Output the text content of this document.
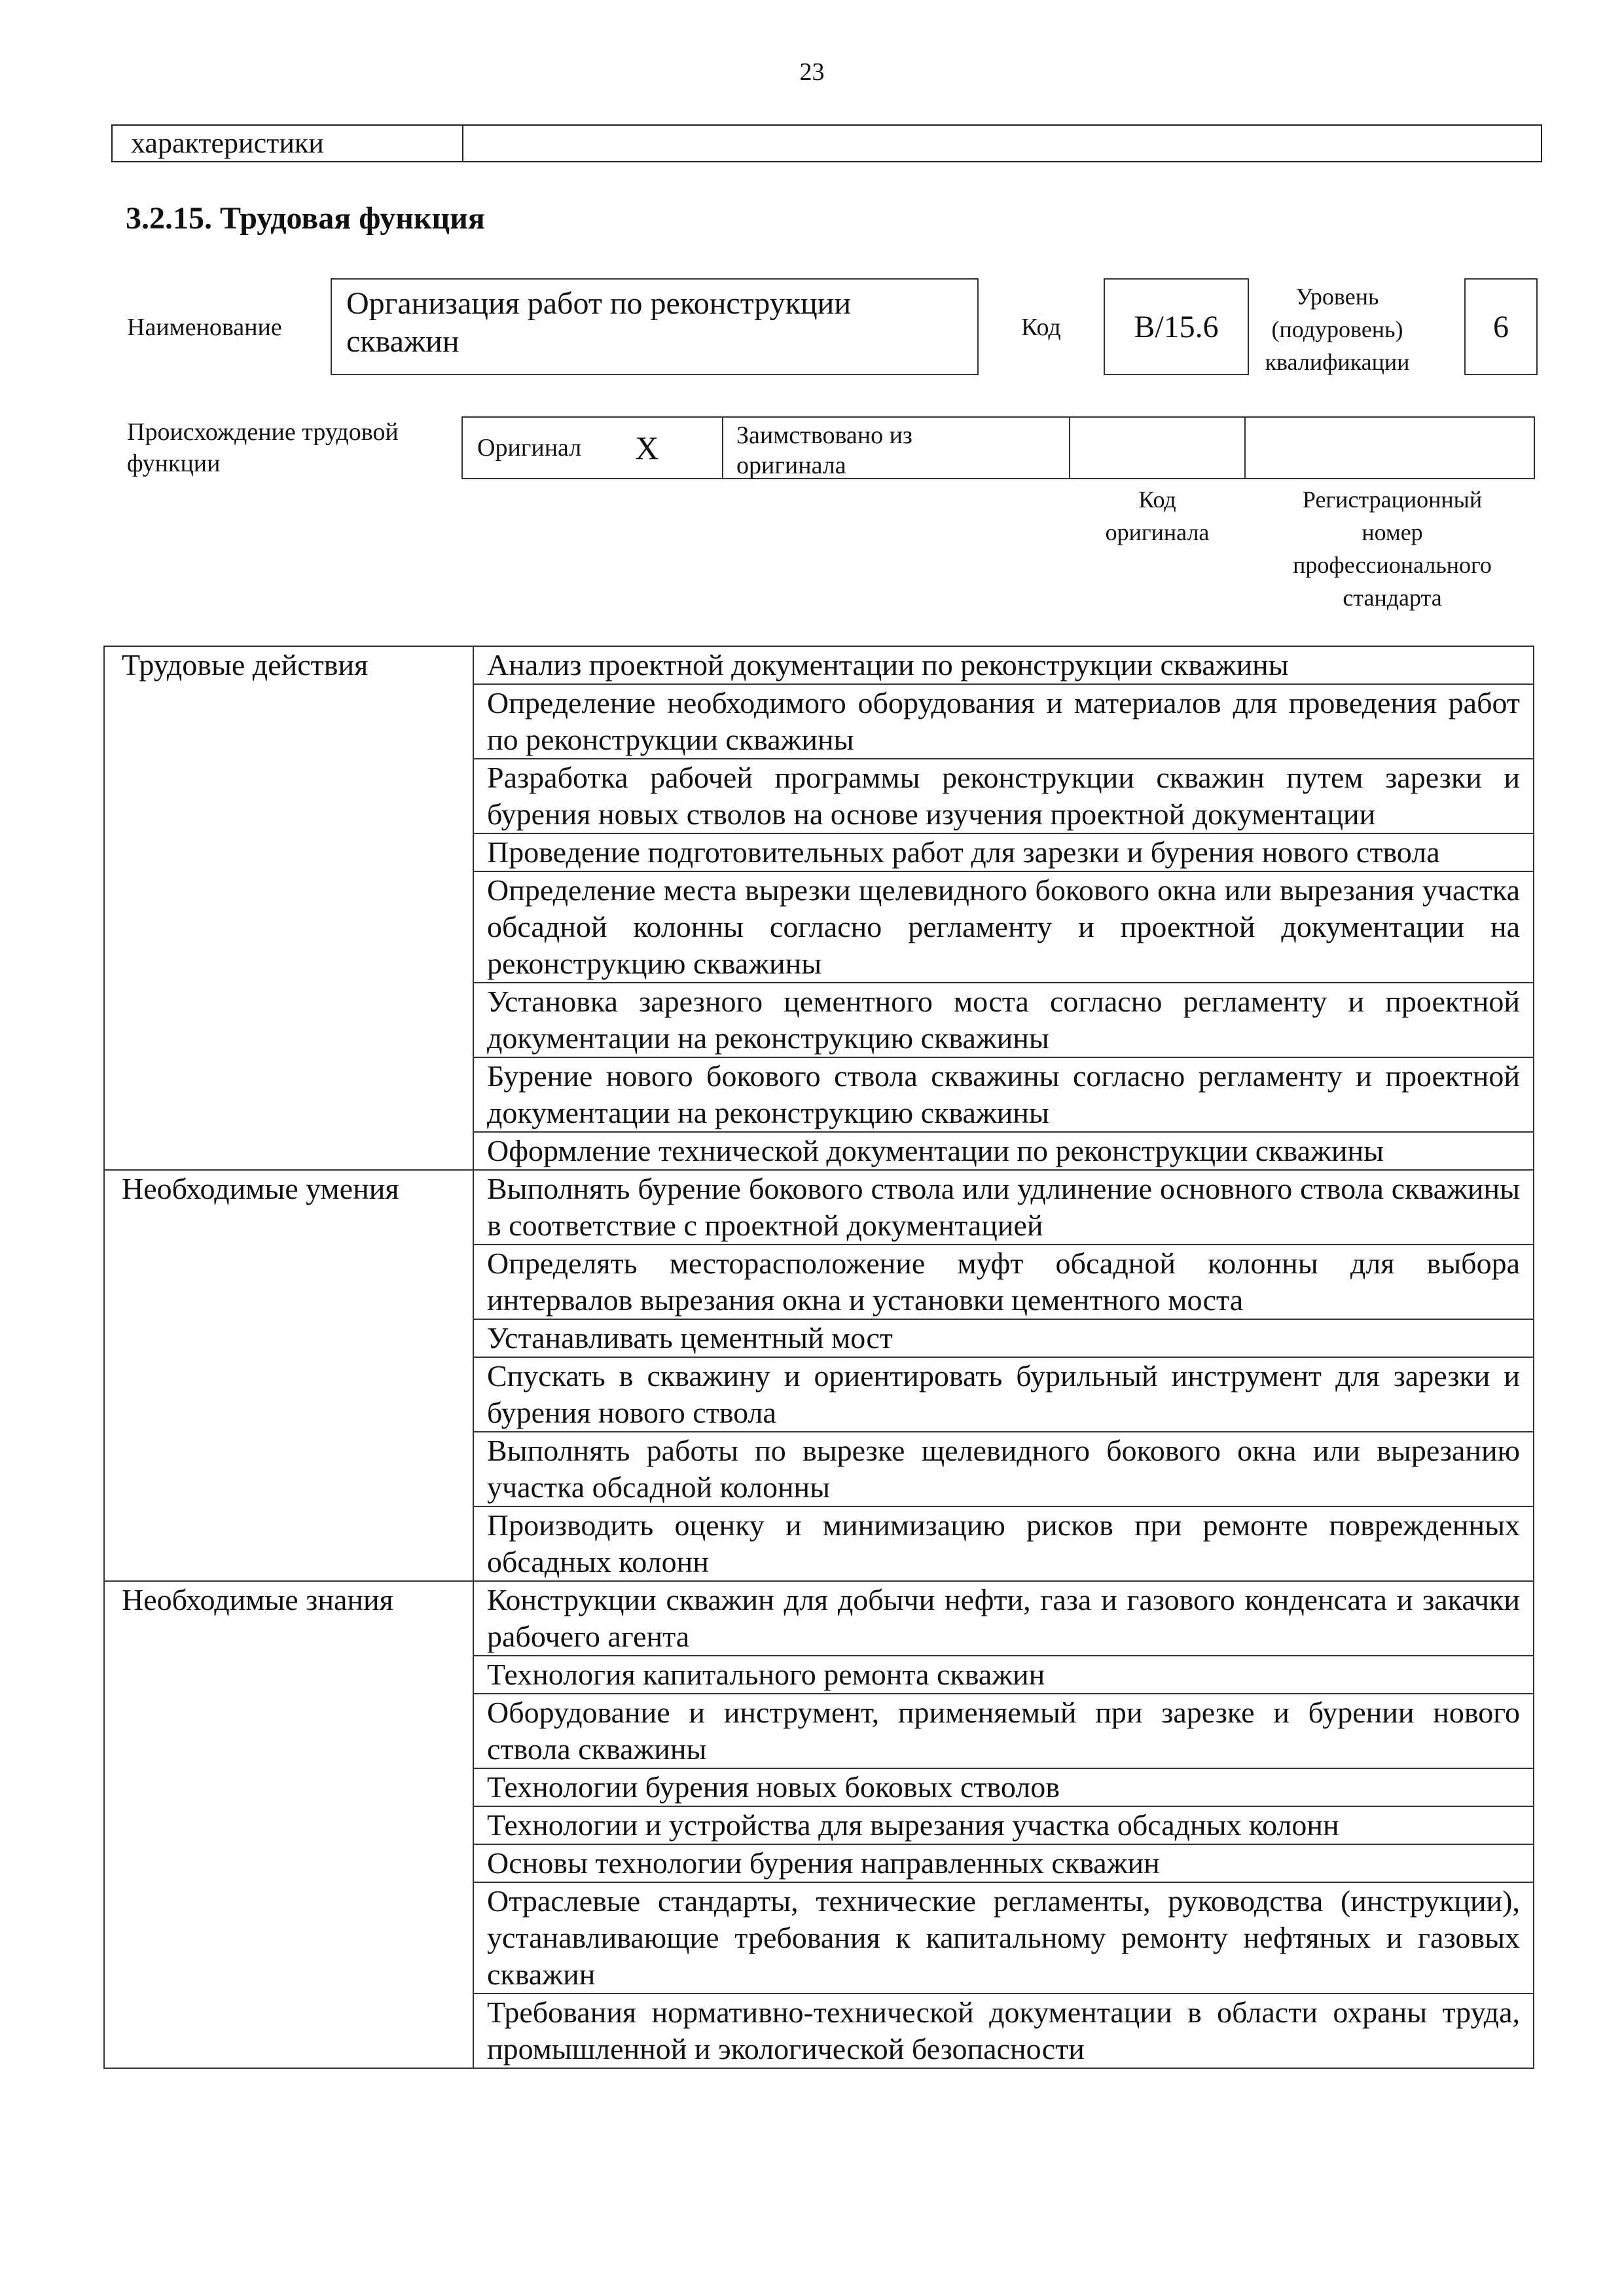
23
характеристики
3.2.15. Трудовая функция
Наименование
Организация работ по реконструкции скважин	Код	B/15.6
Уровень
(подуровень)
квалификации
6
Происхождение трудовой
функции
Оригинал X	Заимствовано из
оригинала
Код
оригинала
Регистрационный
номер
профессионального
стандарта
Трудовые действия	Анализ проектной документации по реконструкции скважины
	Определение необходимого оборудования и материалов для проведения работ по реконструкции скважины
	Разработка рабочей программы реконструкции скважин путем зарезки и бурения новых стволов на основе изучения проектной документации
	Проведение подготовительных работ для зарезки и бурения нового ствола
	Определение места вырезки щелевидного бокового окна или вырезания участка обсадной колонны согласно регламенту и проектной документации на реконструкцию скважины
	Установка зарезного цементного моста согласно регламенту и проектной документации на реконструкцию скважины
	Бурение нового бокового ствола скважины согласно регламенту и проектной документации на реконструкцию скважины
	Оформление технической документации по реконструкции скважины
Необходимые умения	Выполнять бурение бокового ствола или удлинение основного ствола скважины в соответствие с проектной документацией
	Определять месторасположение муфт обсадной колонны для выбора интервалов вырезания окна и установки цементного моста
	Устанавливать цементный мост
	Спускать в скважину и ориентировать бурильный инструмент для зарезки и бурения нового ствола
	Выполнять работы по вырезке щелевидного бокового окна или вырезанию участка обсадной колонны
	Производить оценку и минимизацию рисков при ремонте поврежденных обсадных колонн
Необходимые знания	Конструкции скважин для добычи нефти, газа и газового конденсата и закачки рабочего агента
	Технология капитального ремонта скважин
	Оборудование и инструмент, применяемый при зарезке и бурении нового ствола скважины
	Технологии бурения новых боковых стволов
	Технологии и устройства для вырезания участка обсадных колонн
	Основы технологии бурения направленных скважин
	Отраслевые стандарты, технические регламенты, руководства (инструкции), устанавливающие требования к капитальному ремонту нефтяных и газовых скважин
	Требования нормативно-технической документации в области охраны труда, промышленной и экологической безопасности
